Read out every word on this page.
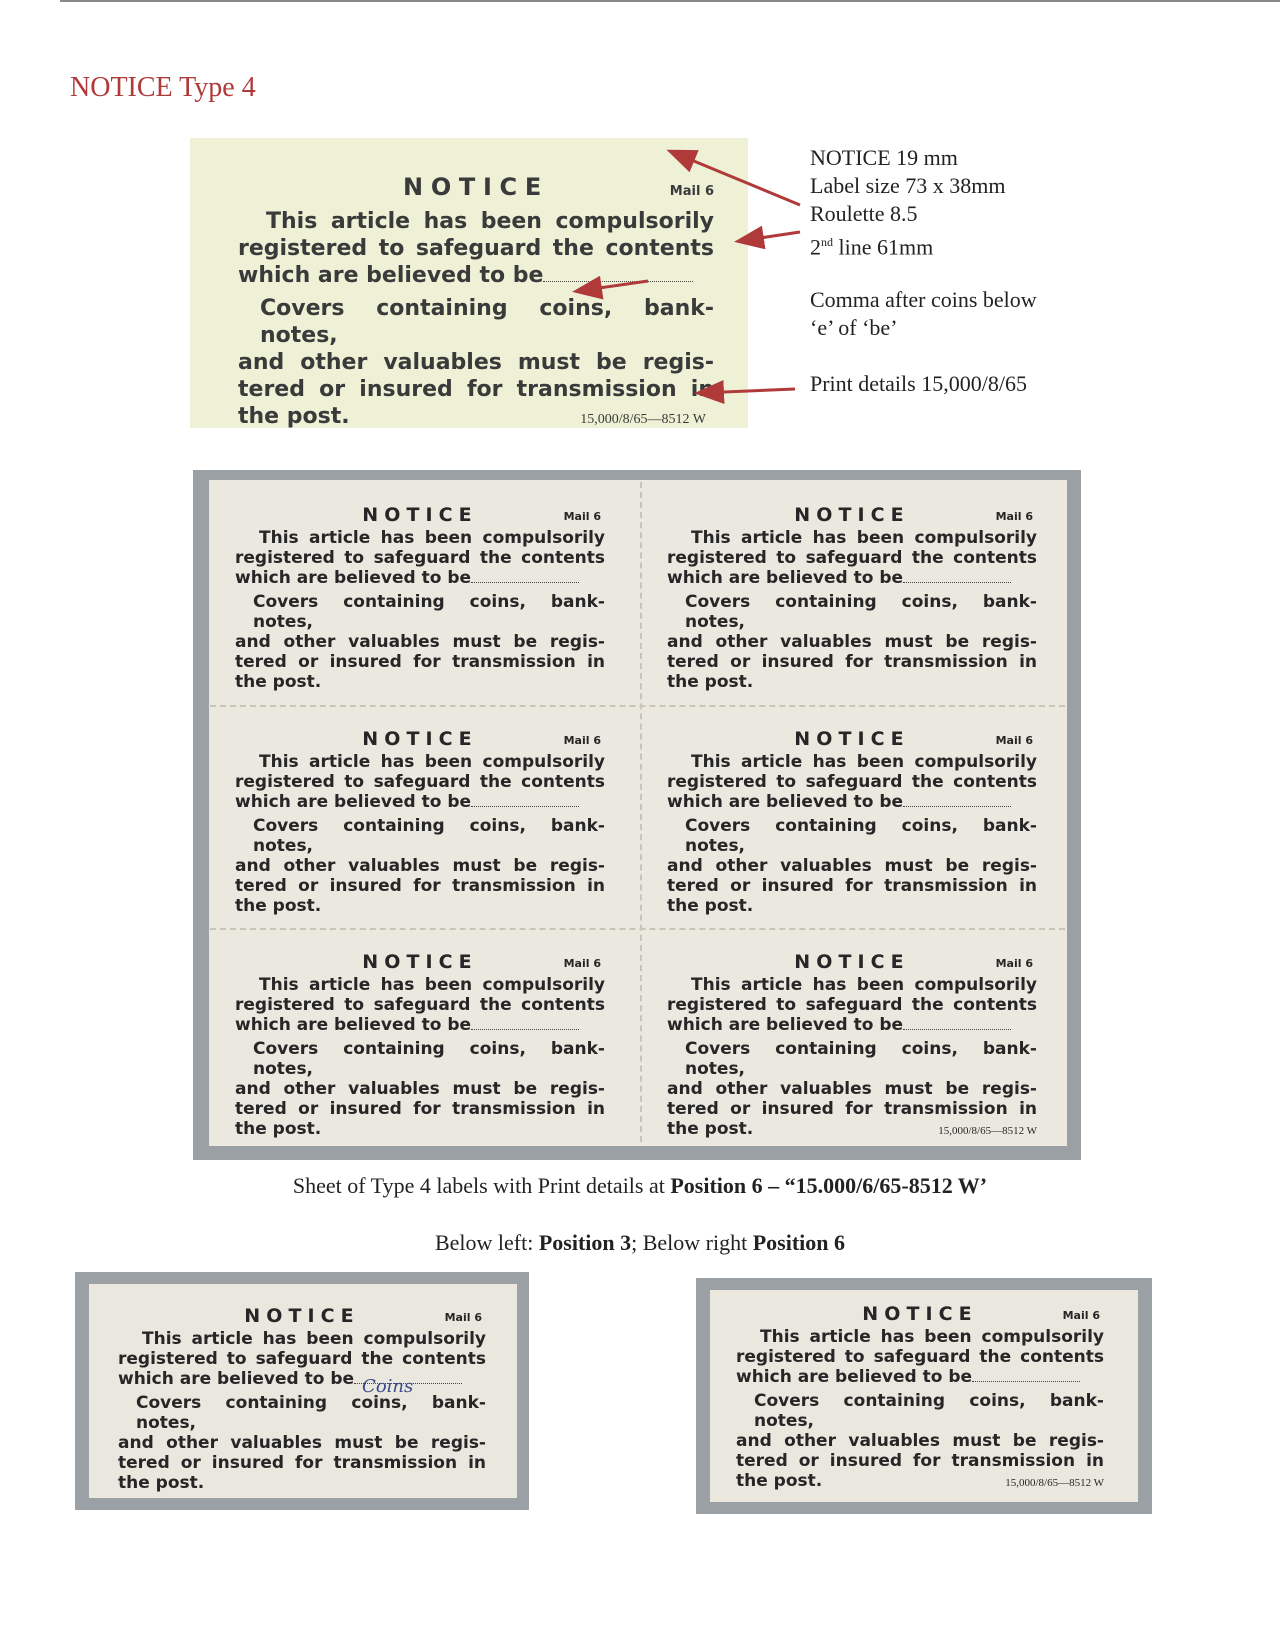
NOTICE Type 4
NOTICE	Mail 6
This article has been compulsorily
registered to safeguard the contents
which are believed to be
Covers containing coins, bank-notes,
and other valuables must be regis-
tered or insured for transmission in
the post.	15,000/8/65—8512 W
NOTICE 19 mm
Label size 73 x 38mm
Roulette 8.5
2nd line 61mm
Comma after coins below
‘e’ of ‘be’
Print details 15,000/8/65
NOTICE	Mail 6
This article has been compulsorily
registered to safeguard the contents
which are believed to be
Covers containing coins, bank-notes,
and other valuables must be regis-
tered or insured for transmission in
the post.
NOTICE	Mail 6
This article has been compulsorily
registered to safeguard the contents
which are believed to be
Covers containing coins, bank-notes,
and other valuables must be regis-
tered or insured for transmission in
the post.
NOTICE	Mail 6
This article has been compulsorily
registered to safeguard the contents
which are believed to be
Covers containing coins, bank-notes,
and other valuables must be regis-
tered or insured for transmission in
the post.
NOTICE	Mail 6
This article has been compulsorily
registered to safeguard the contents
which are believed to be
Covers containing coins, bank-notes,
and other valuables must be regis-
tered or insured for transmission in
the post.
NOTICE	Mail 6
This article has been compulsorily
registered to safeguard the contents
which are believed to be
Covers containing coins, bank-notes,
and other valuables must be regis-
tered or insured for transmission in
the post.
NOTICE	Mail 6
This article has been compulsorily
registered to safeguard the contents
which are believed to be
Covers containing coins, bank-notes,
and other valuables must be regis-
tered or insured for transmission in
the post.	15,000/8/65—8512 W
Sheet of Type 4 labels with Print details at Position 6 – “15.000/6/65-8512 W’
Below left: Position 3; Below right Position 6
NOTICE	Mail 6
This article has been compulsorily
registered to safeguard the contents
which are believed to be Coins
Covers containing coins, bank-notes,
and other valuables must be regis-
tered or insured for transmission in
the post.
NOTICE	Mail 6
This article has been compulsorily
registered to safeguard the contents
which are believed to be
Covers containing coins, bank-notes,
and other valuables must be regis-
tered or insured for transmission in
the post.	15,000/8/65—8512 W
